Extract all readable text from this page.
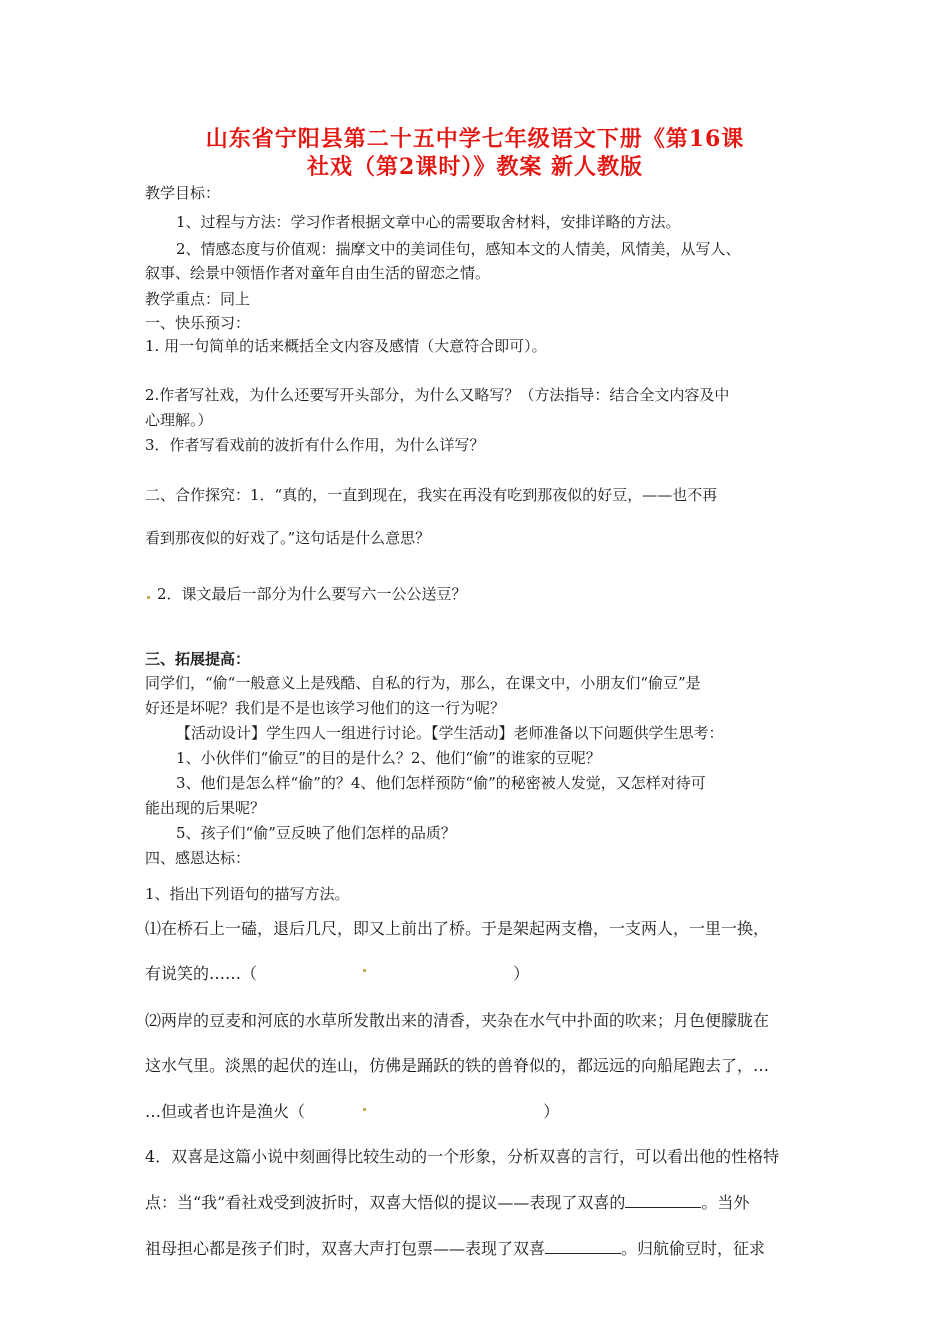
山东省宁阳县第二十五中学七年级语文下册《第16课
社戏（第2课时）》教案 新人教版
教学目标：
1、过程与方法：学习作者根据文章中心的需要取舍材料，安排详略的方法。
2、情感态度与价值观：揣摩文中的美词佳句，感知本文的人情美，风情美，从写人、
叙事、绘景中领悟作者对童年自由生活的留恋之情。
教学重点：同上
一、快乐预习：
1. 用一句简单的话来概括全文内容及感情（大意符合即可）。
2.作者写社戏，为什么还要写开头部分，为什么又略写？（方法指导：结合全文内容及中
心理解。）
3．作者写看戏前的波折有什么作用，为什么详写？
二、合作探究：1．“真的，一直到现在，我实在再没有吃到那夜似的好豆，——也不再
看到那夜似的好戏了。”这句话是什么意思？
2．课文最后一部分为什么要写六一公公送豆？
三、拓展提高：
同学们，“偷“一般意义上是残酷、自私的行为，那么，在课文中，小朋友们“偷豆”是
好还是坏呢？我们是不是也该学习他们的这一行为呢？
【活动设计】学生四人一组进行讨论。【学生活动】老师准备以下问题供学生思考：
1、小伙伴们“偷豆”的目的是什么？2、他们“偷”的谁家的豆呢？
3、他们是怎么样“偷”的？4、他们怎样预防“偷”的秘密被人发觉，又怎样对待可
能出现的后果呢？
5、孩子们“偷”豆反映了他们怎样的品质？
四、感恩达标：
1、指出下列语句的描写方法。
⑴在桥石上一磕，退后几尺，即又上前出了桥。于是架起两支橹，一支两人，一里一换，
有说笑的……（	）
⑵两岸的豆麦和河底的水草所发散出来的清香，夹杂在水气中扑面的吹来；月色便朦胧在
这水气里。淡黑的起伏的连山，仿佛是踊跃的铁的兽脊似的，都远远的向船尾跑去了，…
…但或者也许是渔火（	）
4．双喜是这篇小说中刻画得比较生动的一个形象，分析双喜的言行，可以看出他的性格特
点：当“我”看社戏受到波折时，双喜大悟似的提议——表现了双喜的	。当外
祖母担心都是孩子们时，双喜大声打包票——表现了双喜	。归航偷豆时，征求
